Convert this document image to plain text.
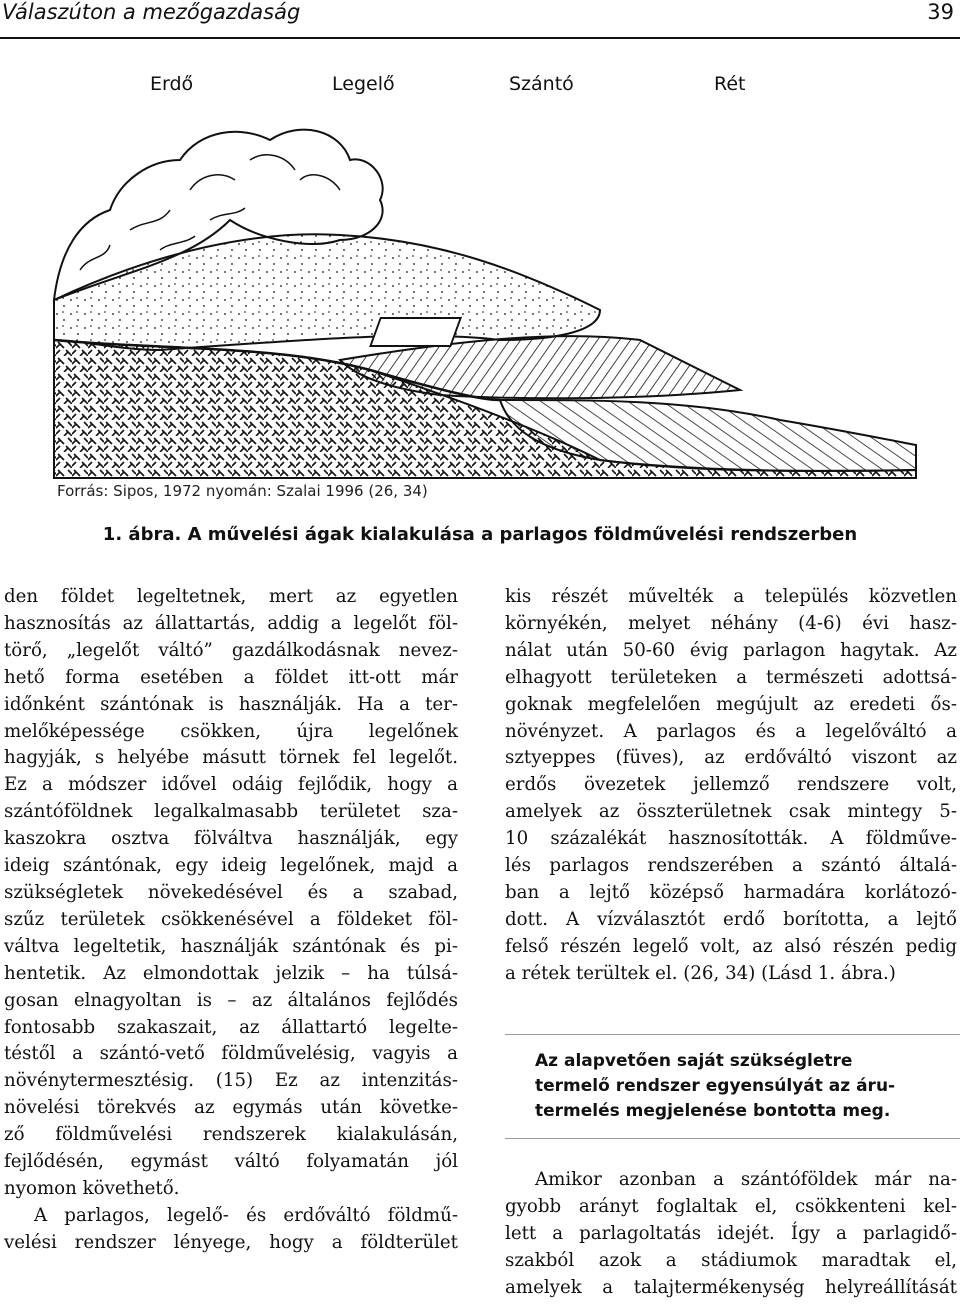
Válaszúton a mezőgazdaság	39
Erdő	Legelő	Szántó	Rét
Forrás: Sipos, 1972 nyomán: Szalai 1996 (26, 34)
1. ábra. A művelési ágak kialakulása a parlagos földművelési rendszerben
den földet legeltetnek, mert az egyetlen
hasznosítás az állattartás, addig a legelőt föl-
törő, „legelőt váltó” gazdálkodásnak nevez-
hető forma esetében a földet itt-ott már
időnként szántónak is használják. Ha a ter-
melőképessége csökken, újra legelőnek
hagyják, s helyébe másutt törnek fel legelőt.
Ez a módszer idővel odáig fejlődik, hogy a
szántóföldnek legalkalmasabb területet sza-
kaszokra osztva fölváltva használják, egy
ideig szántónak, egy ideig legelőnek, majd a
szükségletek növekedésével és a szabad,
szűz területek csökkenésével a földeket föl-
váltva legeltetik, használják szántónak és pi-
hentetik. Az elmondottak jelzik – ha túlsá-
gosan elnagyoltan is – az általános fejlődés
fontosabb szakaszait, az állattartó legelte-
téstől a szántó-vető földművelésig, vagyis a
növénytermesztésig. (15) Ez az intenzitás-
növelési törekvés az egymás után követke-
ző földművelési rendszerek kialakulásán,
fejlődésén, egymást váltó folyamatán jól
nyomon követhető.
A parlagos, legelő- és erdőváltó földmű-
velési rendszer lényege, hogy a földterület
kis részét művelték a település közvetlen
környékén, melyet néhány (4-6) évi hasz-
nálat után 50-60 évig parlagon hagytak. Az
elhagyott területeken a természeti adottsá-
goknak megfelelően megújult az eredeti ős-
növényzet. A parlagos és a legelőváltó a
sztyeppes (füves), az erdőváltó viszont az
erdős övezetek jellemző rendszere volt,
amelyek az összterületnek csak mintegy 5-
10 százalékát hasznosították. A földműve-
lés parlagos rendszerében a szántó általá-
ban a lejtő középső harmadára korlátozó-
dott. A vízválasztót erdő borította, a lejtő
felső részén legelő volt, az alsó részén pedig
a rétek terültek el. (26, 34) (Lásd 1. ábra.)
Az alapvetően saját szükségletre
termelő rendszer egyensúlyát az áru-
termelés megjelenése bontotta meg.
Amikor azonban a szántóföldek már na-
gyobb arányt foglaltak el, csökkenteni kel-
lett a parlagoltatás idejét. Így a parlagidő-
szakból azok a stádiumok maradtak el,
amelyek a talajtermékenység helyreállítását
